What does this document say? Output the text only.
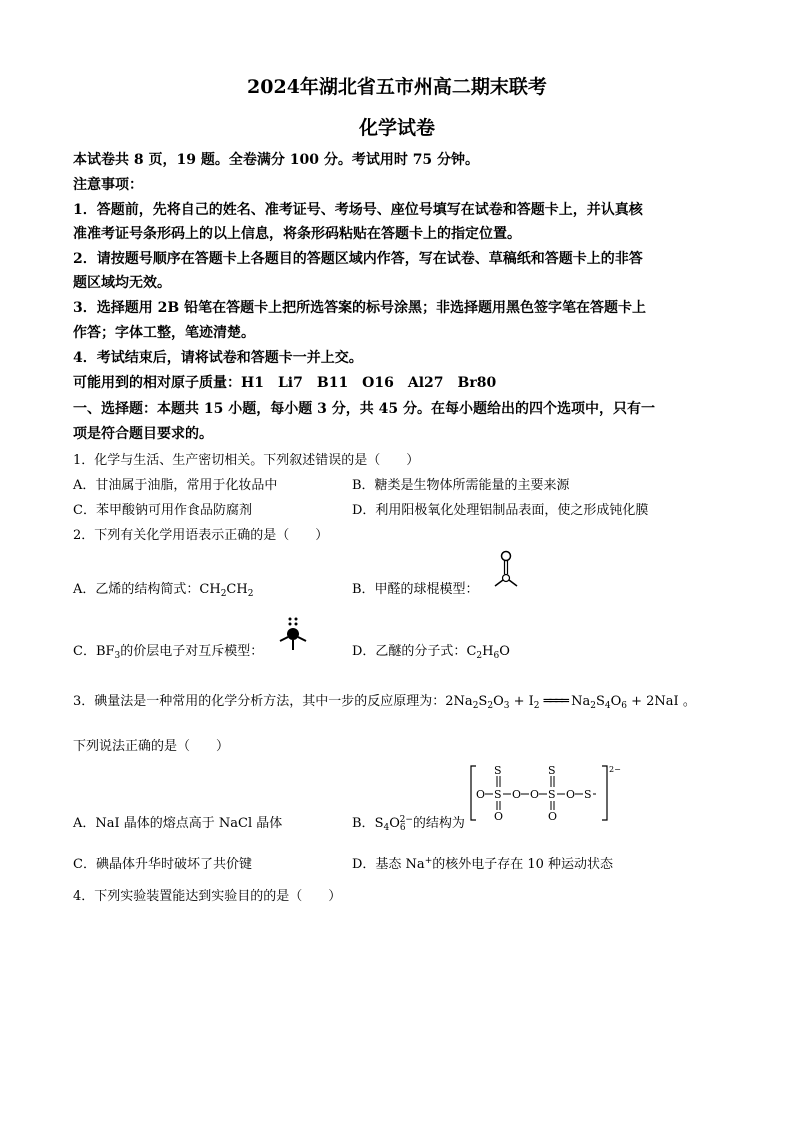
2024年湖北省五市州高二期末联考
化学试卷
本试卷共 8 页，19 题。全卷满分 100 分。考试用时 75 分钟。
注意事项：
1．答题前，先将自己的姓名、准考证号、考场号、座位号填写在试卷和答题卡上，并认真核
准准考证号条形码上的以上信息，将条形码粘贴在答题卡上的指定位置。
2．请按题号顺序在答题卡上各题目的答题区域内作答，写在试卷、草稿纸和答题卡上的非答
题区域均无效。
3．选择题用 2B 铅笔在答题卡上把所选答案的标号涂黑；非选择题用黑色签字笔在答题卡上
作答；字体工整，笔迹清楚。
4．考试结束后，请将试卷和答题卡一并上交。
可能用到的相对原子质量：H1　Li7　B11　O16　Al27　Br80
一、选择题：本题共 15 小题，每小题 3 分，共 45 分。在每小题给出的四个选项中，只有一
项是符合题目要求的。
1．化学与生活、生产密切相关。下列叙述错误的是（　　）
A．甘油属于油脂，常用于化妆品中	B．糖类是生物体所需能量的主要来源
C．苯甲酸钠可用作食品防腐剂	D．利用阳极氧化处理铝制品表面，使之形成钝化膜
2．下列有关化学用语表示正确的是（　　）
A．乙烯的结构简式：$CH_2CH_2$	B．甲醛的球棍模型：
C．$BF_3$的价层电子对互斥模型：	D．乙醚的分子式：$C_2H_6O$
3．碘量法是一种常用的化学分析方法，其中一步的反应原理为：$2Na_2S_2O_3 + I_2$ ════ $Na_2S_4O_6 + 2NaI$ 。
下列说法正确的是（　　）
A．NaI 晶体的熔点高于 NaCl 晶体	B．$S_4O_6^{2-}$的结构为
2−
O S O O S O S
S	S
O	O
C．碘晶体升华时破坏了共价键	D．基态 Na+的核外电子存在 10 种运动状态
4．下列实验装置能达到实验目的的是（　　）
